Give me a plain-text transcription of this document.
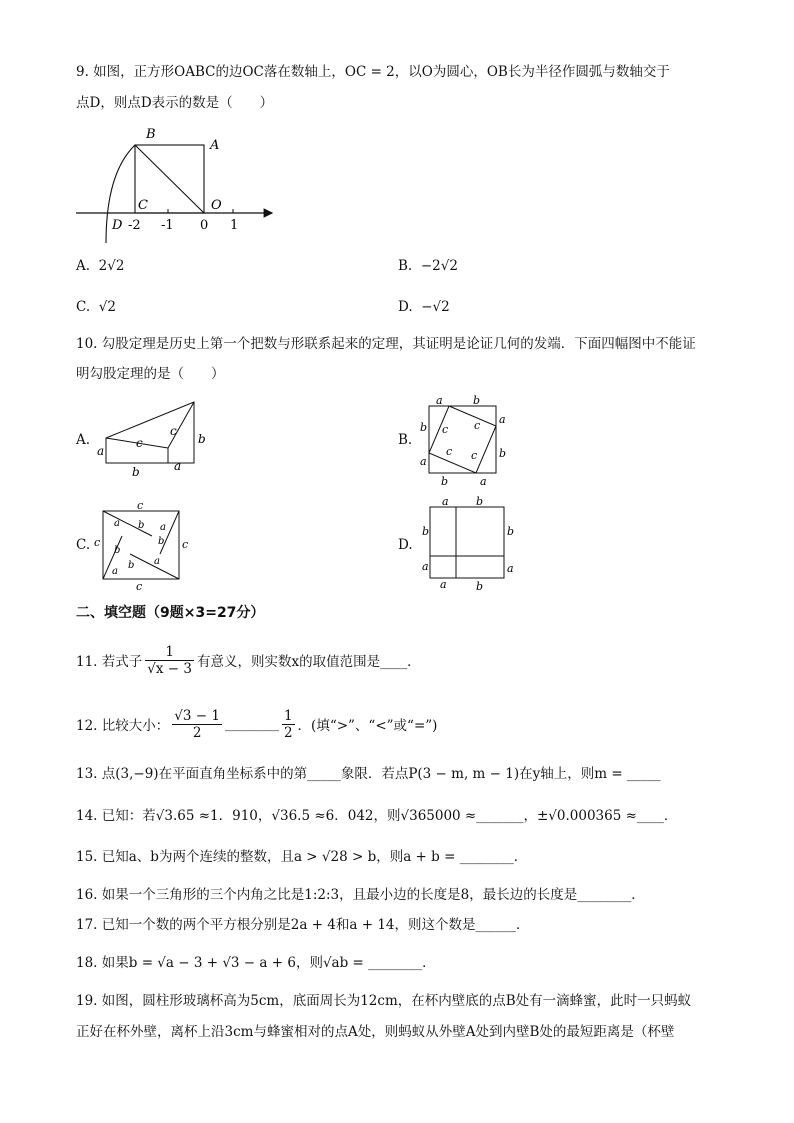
9. 如图，正方形OABC的边OC落在数轴上，OC = 2，以O为圆心，OB长为半径作圆弧与数轴交于
点D，则点D表示的数是（　　）
B
A
C	O
D -2 -1 0 1
A. 2√2	B. −2√2
C. √2	D. −√2
10. 勾股定理是历史上第一个把数与形联系起来的定理，其证明是论证几何的发端．下面四幅图中不能证
明勾股定理的是（　　）
A.
a
b	a
b
c
c
B.
a	b
a
b
b
a
b	a
c c
c c
C.
c
c	c
c
a b a
b
b
a
a
b	D.
a b
b	b
a	a
a	b
二、填空题（9题×3=27分）
11. 若式子 $\frac{1}{√x - 3}$ 有意义，则实数x的取值范围是____．
12. 比较大小： $\frac{√3 - 1}{2}$ ________ $\frac{1}{2}$ ．(填“>”、“<”或“=”)
13. 点(3,−9)在平面直角坐标系中的第_____象限．若点P(3 − m, m − 1)在y轴上，则m = _____
14. 已知：若√3.65 ≈1．910，√36.5 ≈6．042，则√365000 ≈_______，±√0.000365 ≈____．
15. 已知a、b为两个连续的整数，且a > √28 > b，则a + b = ________．
16. 如果一个三角形的三个内角之比是1:2:3，且最小边的长度是8，最长边的长度是________．
17. 已知一个数的两个平方根分别是2a + 4和a + 14，则这个数是______．
18. 如果b = √a − 3 + √3 − a + 6，则√ab = ________．
19. 如图，圆柱形玻璃杯高为5cm，底面周长为12cm，在杯内壁底的点B处有一滴蜂蜜，此时一只蚂蚁
正好在杯外壁，离杯上沿3cm与蜂蜜相对的点A处，则蚂蚁从外壁A处到内壁B处的最短距离是（杯壁
